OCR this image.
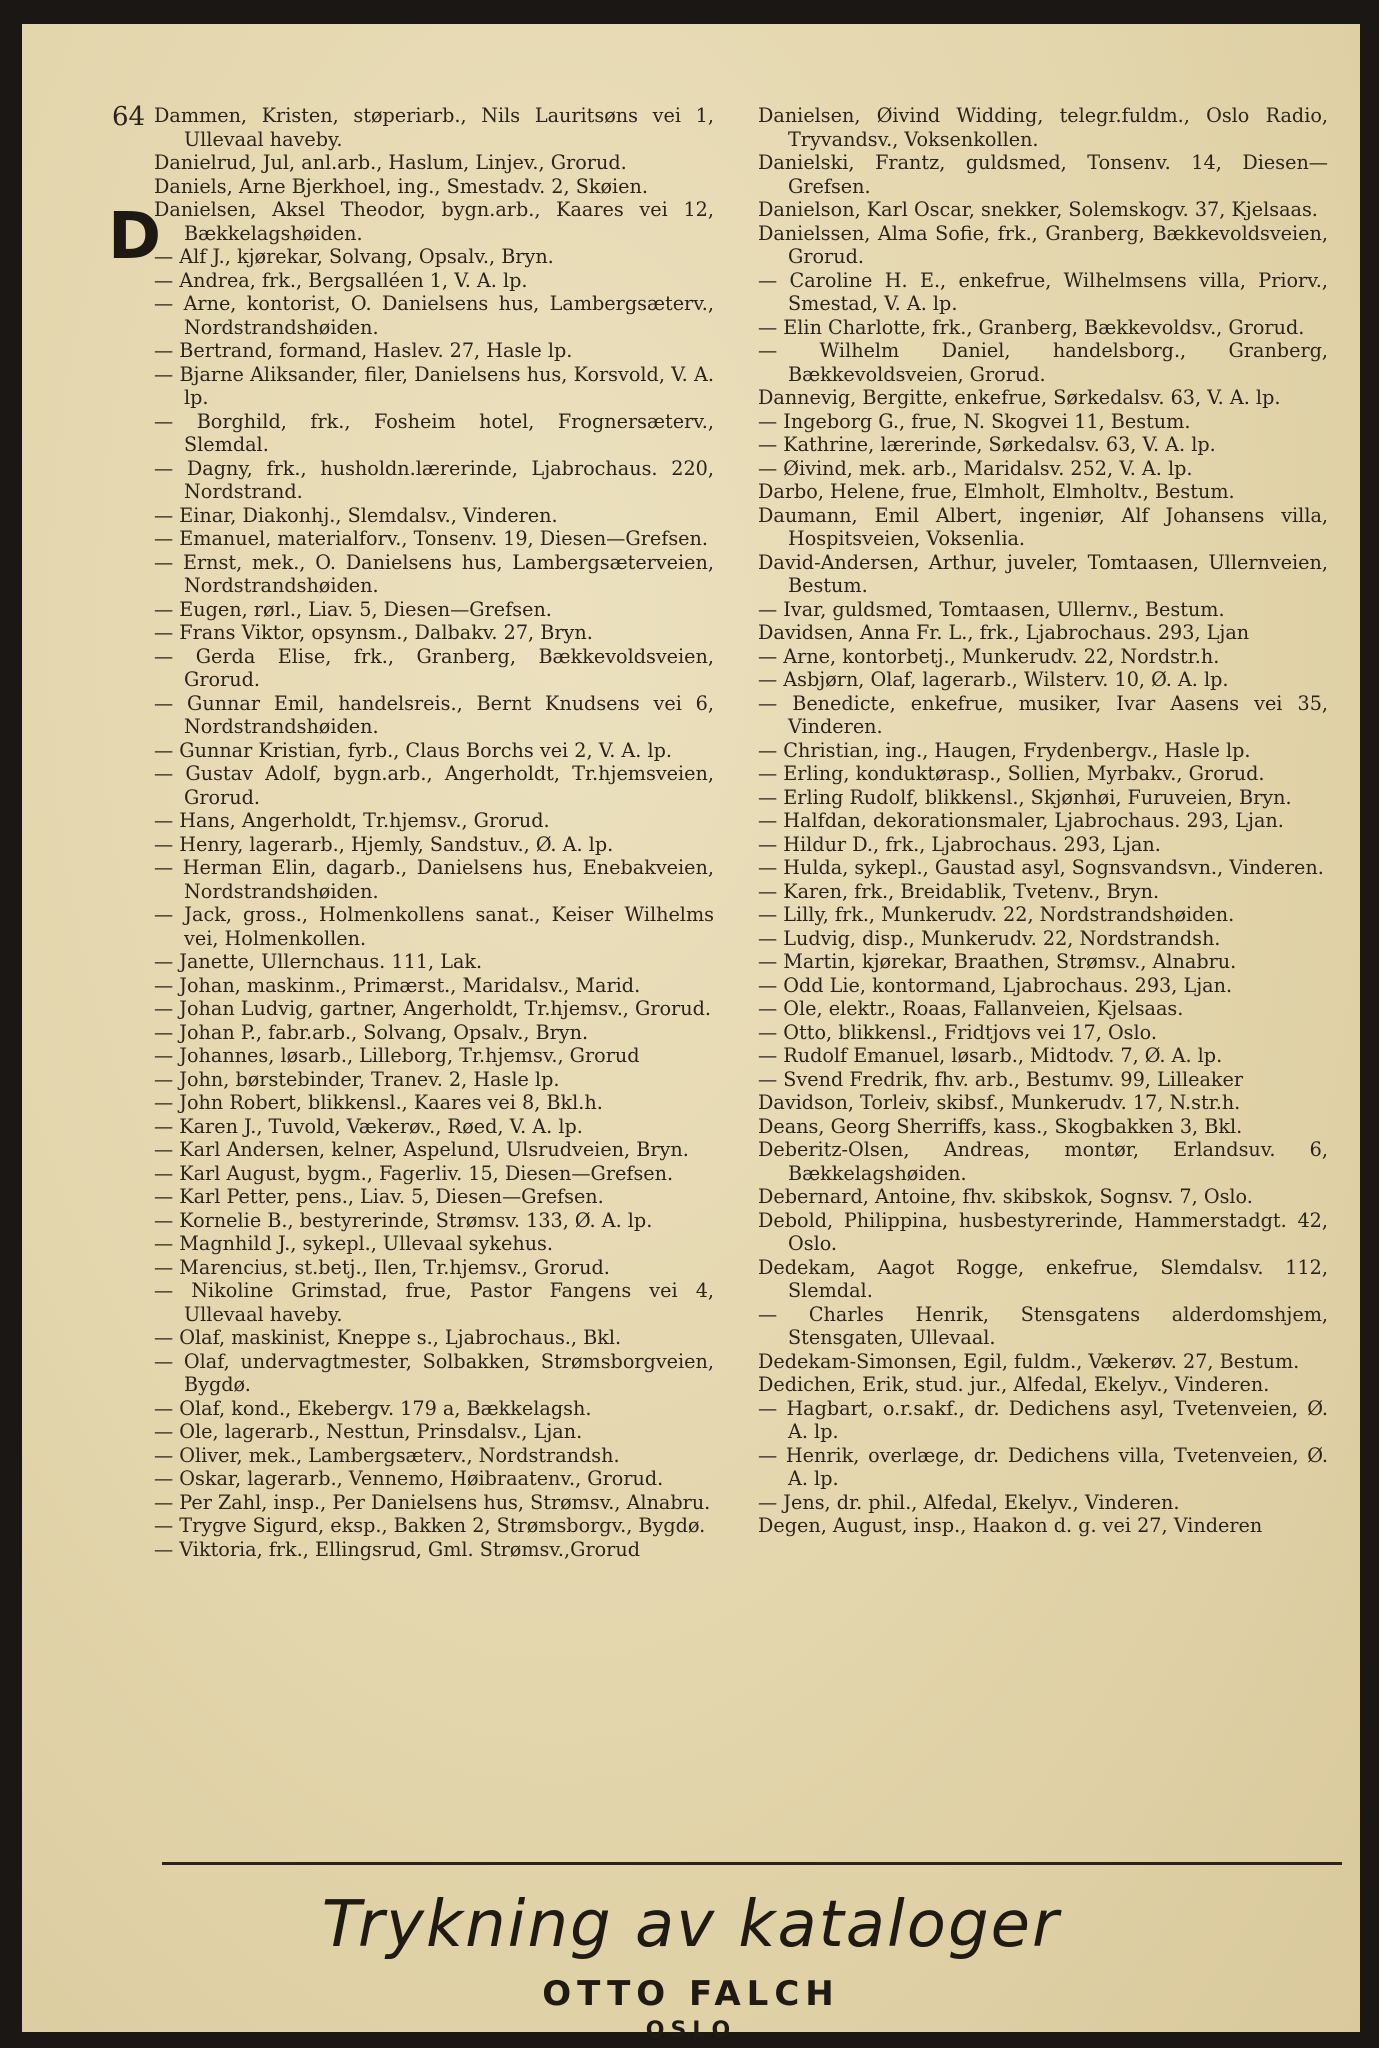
64
D
Dammen, Kristen, støperiarb., Nils Lauritsøns vei 1, Ullevaal haveby.
Danielrud, Jul, anl.arb., Haslum, Linjev., Grorud.
Daniels, Arne Bjerkhoel, ing., Smestadv. 2, Skøien.
Danielsen, Aksel Theodor, bygn.arb., Kaares vei 12, Bækkelagshøiden.
— Alf J., kjørekar, Solvang, Opsalv., Bryn.
— Andrea, frk., Bergsalléen 1, V. A. lp.
— Arne, kontorist, O. Danielsens hus, Lambergsæterv., Nordstrandshøiden.
— Bertrand, formand, Haslev. 27, Hasle lp.
— Bjarne Aliksander, filer, Danielsens hus, Korsvold, V. A. lp.
— Borghild, frk., Fosheim hotel, Frognersæterv., Slemdal.
— Dagny, frk., husholdn.lærerinde, Ljabrochaus. 220, Nordstrand.
— Einar, Diakonhj., Slemdalsv., Vinderen.
— Emanuel, materialforv., Tonsenv. 19, Diesen—Grefsen.
— Ernst, mek., O. Danielsens hus, Lambergsæterveien, Nordstrandshøiden.
— Eugen, rørl., Liav. 5, Diesen—Grefsen.
— Frans Viktor, opsynsm., Dalbakv. 27, Bryn.
— Gerda Elise, frk., Granberg, Bækkevoldsveien, Grorud.
— Gunnar Emil, handelsreis., Bernt Knudsens vei 6, Nordstrandshøiden.
— Gunnar Kristian, fyrb., Claus Borchs vei 2, V. A. lp.
— Gustav Adolf, bygn.arb., Angerholdt, Tr.hjemsveien, Grorud.
— Hans, Angerholdt, Tr.hjemsv., Grorud.
— Henry, lagerarb., Hjemly, Sandstuv., Ø. A. lp.
— Herman Elin, dagarb., Danielsens hus, Enebakveien, Nordstrandshøiden.
— Jack, gross., Holmenkollens sanat., Keiser Wilhelms vei, Holmenkollen.
— Janette, Ullernchaus. 111, Lak.
— Johan, maskinm., Primærst., Maridalsv., Marid.
— Johan Ludvig, gartner, Angerholdt, Tr.hjemsv., Grorud.
— Johan P., fabr.arb., Solvang, Opsalv., Bryn.
— Johannes, løsarb., Lilleborg, Tr.hjemsv., Grorud
— John, børstebinder, Tranev. 2, Hasle lp.
— John Robert, blikkensl., Kaares vei 8, Bkl.h.
— Karen J., Tuvold, Vækerøv., Røed, V. A. lp.
— Karl Andersen, kelner, Aspelund, Ulsrudveien, Bryn.
— Karl August, bygm., Fagerliv. 15, Diesen—Grefsen.
— Karl Petter, pens., Liav. 5, Diesen—Grefsen.
— Kornelie B., bestyrerinde, Strømsv. 133, Ø. A. lp.
— Magnhild J., sykepl., Ullevaal sykehus.
— Marencius, st.betj., Ilen, Tr.hjemsv., Grorud.
— Nikoline Grimstad, frue, Pastor Fangens vei 4, Ullevaal haveby.
— Olaf, maskinist, Kneppe s., Ljabrochaus., Bkl.
— Olaf, undervagtmester, Solbakken, Strømsborgveien, Bygdø.
— Olaf, kond., Ekebergv. 179 a, Bækkelagsh.
— Ole, lagerarb., Nesttun, Prinsdalsv., Ljan.
— Oliver, mek., Lambergsæterv., Nordstrandsh.
— Oskar, lagerarb., Vennemo, Høibraatenv., Grorud.
— Per Zahl, insp., Per Danielsens hus, Strømsv., Alnabru.
— Trygve Sigurd, eksp., Bakken 2, Strømsborgv., Bygdø.
— Viktoria, frk., Ellingsrud, Gml. Strømsv.,Grorud
Danielsen, Øivind Widding, telegr.fuldm., Oslo Radio, Tryvandsv., Voksenkollen.
Danielski, Frantz, guldsmed, Tonsenv. 14, Diesen—Grefsen.
Danielson, Karl Oscar, snekker, Solemskogv. 37, Kjelsaas.
Danielssen, Alma Sofie, frk., Granberg, Bækkevoldsveien, Grorud.
— Caroline H. E., enkefrue, Wilhelmsens villa, Priorv., Smestad, V. A. lp.
— Elin Charlotte, frk., Granberg, Bækkevoldsv., Grorud.
— Wilhelm Daniel, handelsborg., Granberg, Bækkevoldsveien, Grorud.
Dannevig, Bergitte, enkefrue, Sørkedalsv. 63, V. A. lp.
— Ingeborg G., frue, N. Skogvei 11, Bestum.
— Kathrine, lærerinde, Sørkedalsv. 63, V. A. lp.
— Øivind, mek. arb., Maridalsv. 252, V. A. lp.
Darbo, Helene, frue, Elmholt, Elmholtv., Bestum.
Daumann, Emil Albert, ingeniør, Alf Johansens villa, Hospitsveien, Voksenlia.
David-Andersen, Arthur, juveler, Tomtaasen, Ullernveien, Bestum.
— Ivar, guldsmed, Tomtaasen, Ullernv., Bestum.
Davidsen, Anna Fr. L., frk., Ljabrochaus. 293, Ljan
— Arne, kontorbetj., Munkerudv. 22, Nordstr.h.
— Asbjørn, Olaf, lagerarb., Wilsterv. 10, Ø. A. lp.
— Benedicte, enkefrue, musiker, Ivar Aasens vei 35, Vinderen.
— Christian, ing., Haugen, Frydenbergv., Hasle lp.
— Erling, konduktørasp., Sollien, Myrbakv., Grorud.
— Erling Rudolf, blikkensl., Skjønhøi, Furuveien, Bryn.
— Halfdan, dekorationsmaler, Ljabrochaus. 293, Ljan.
— Hildur D., frk., Ljabrochaus. 293, Ljan.
— Hulda, sykepl., Gaustad asyl, Sognsvandsvn., Vinderen.
— Karen, frk., Breidablik, Tvetenv., Bryn.
— Lilly, frk., Munkerudv. 22, Nordstrandshøiden.
— Ludvig, disp., Munkerudv. 22, Nordstrandsh.
— Martin, kjørekar, Braathen, Strømsv., Alnabru.
— Odd Lie, kontormand, Ljabrochaus. 293, Ljan.
— Ole, elektr., Roaas, Fallanveien, Kjelsaas.
— Otto, blikkensl., Fridtjovs vei 17, Oslo.
— Rudolf Emanuel, løsarb., Midtodv. 7, Ø. A. lp.
— Svend Fredrik, fhv. arb., Bestumv. 99, Lilleaker
Davidson, Torleiv, skibsf., Munkerudv. 17, N.str.h.
Deans, Georg Sherriffs, kass., Skogbakken 3, Bkl.
Deberitz-Olsen, Andreas, montør, Erlandsuv. 6, Bækkelagshøiden.
Debernard, Antoine, fhv. skibskok, Sognsv. 7, Oslo.
Debold, Philippina, husbestyrerinde, Hammerstadgt. 42, Oslo.
Dedekam, Aagot Rogge, enkefrue, Slemdalsv. 112, Slemdal.
— Charles Henrik, Stensgatens alderdomshjem, Stensgaten, Ullevaal.
Dedekam-Simonsen, Egil, fuldm., Vækerøv. 27, Bestum.
Dedichen, Erik, stud. jur., Alfedal, Ekelyv., Vinderen.
— Hagbart, o.r.sakf., dr. Dedichens asyl, Tvetenveien, Ø. A. lp.
— Henrik, overlæge, dr. Dedichens villa, Tvetenveien, Ø. A. lp.
— Jens, dr. phil., Alfedal, Ekelyv., Vinderen.
Degen, August, insp., Haakon d. g. vei 27, Vinderen
Trykning av kataloger
OTTO FALCH
OSLO
